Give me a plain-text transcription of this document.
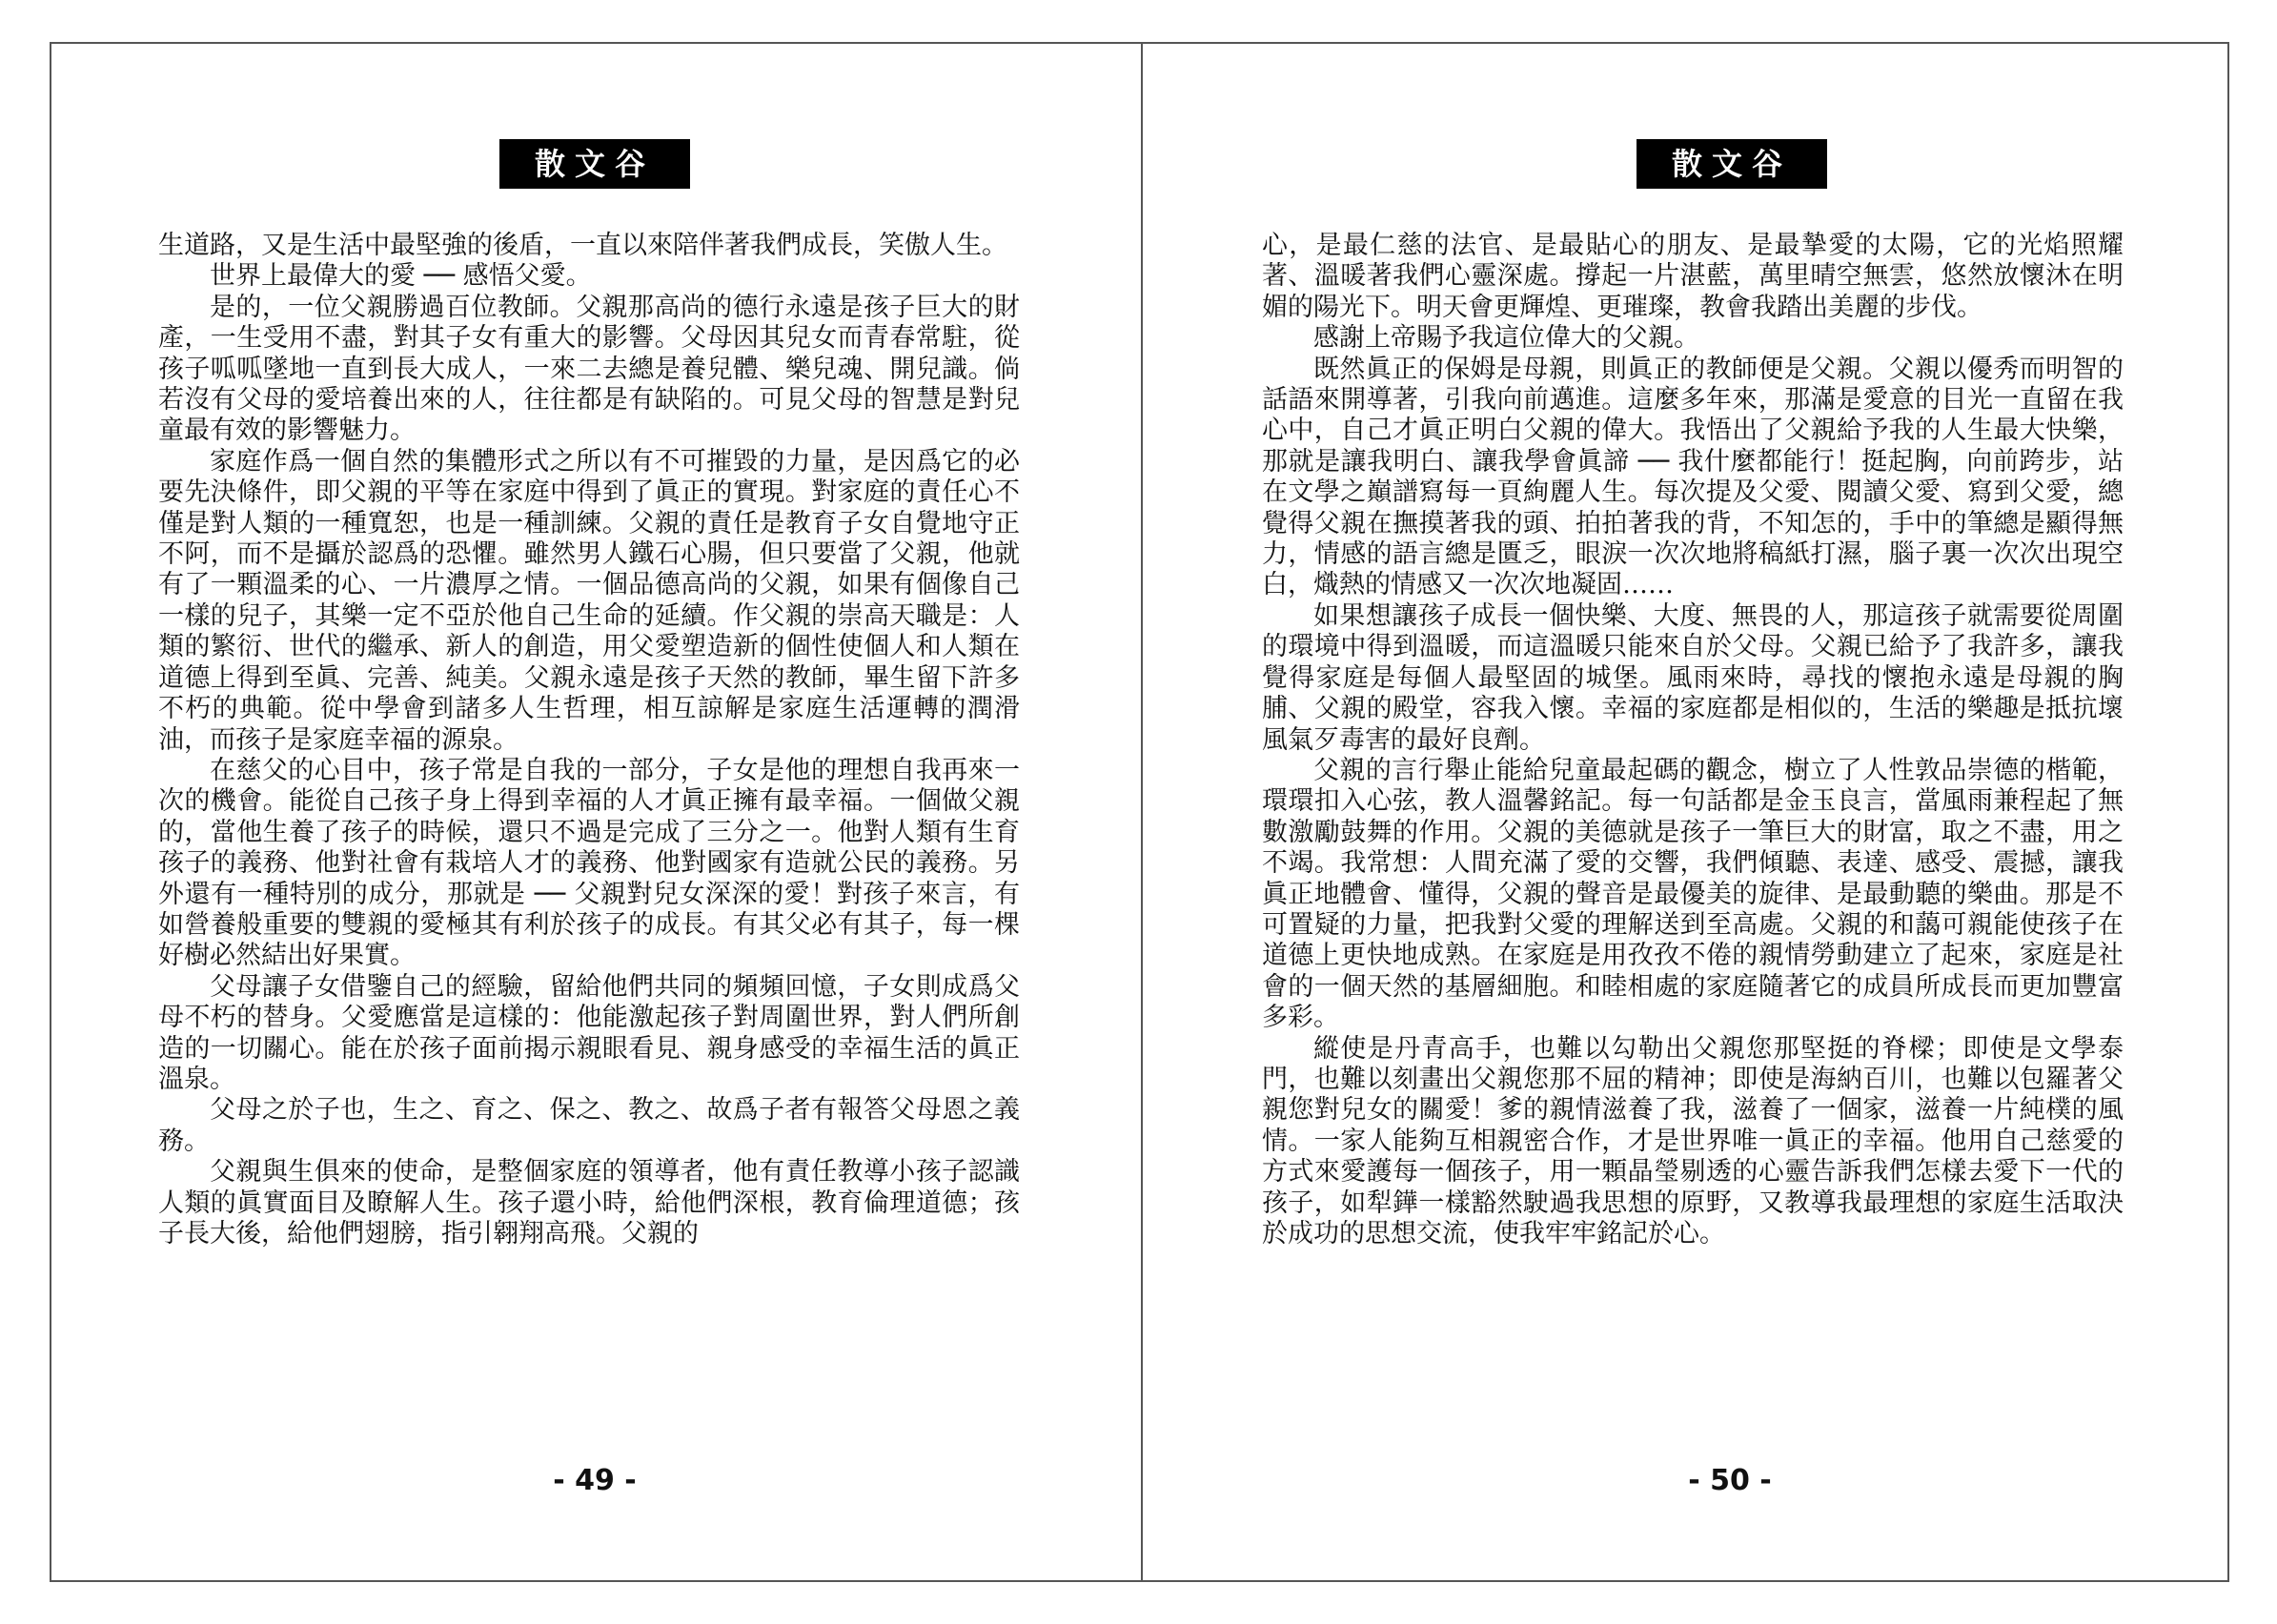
散文谷

生道路，又是生活中最堅強的後盾，一直以來陪伴著我們成長，笑傲人生。

世界上最偉大的愛 ── 感悟父愛。

是的，一位父親勝過百位教師。父親那高尚的德行永遠是孩子巨大的財產，一生受用不盡，對其子女有重大的影響。父母因其兒女而青春常駐，從孩子呱呱墜地一直到長大成人，一來二去總是養兒體、樂兒魂、開兒識。倘若沒有父母的愛培養出來的人，往往都是有缺陷的。可見父母的智慧是對兒童最有效的影響魅力。

家庭作爲一個自然的集體形式之所以有不可摧毀的力量，是因爲它的必要先決條件，即父親的平等在家庭中得到了眞正的實現。對家庭的責任心不僅是對人類的一種寬恕，也是一種訓練。父親的責任是教育子女自覺地守正不阿，而不是攝於認爲的恐懼。雖然男人鐵石心腸，但只要當了父親，他就有了一顆溫柔的心、一片濃厚之情。一個品德高尚的父親，如果有個像自己一樣的兒子，其樂一定不亞於他自己生命的延續。作父親的崇高天職是：人類的繁衍、世代的繼承、新人的創造，用父愛塑造新的個性使個人和人類在道德上得到至眞、完善、純美。父親永遠是孩子天然的教師，畢生留下許多不朽的典範。從中學會到諸多人生哲理，相互諒解是家庭生活運轉的潤滑油，而孩子是家庭幸福的源泉。

在慈父的心目中，孩子常是自我的一部分，子女是他的理想自我再來一次的機會。能從自己孩子身上得到幸福的人才眞正擁有最幸福。一個做父親的，當他生養了孩子的時候，還只不過是完成了三分之一。他對人類有生育孩子的義務、他對社會有栽培人才的義務、他對國家有造就公民的義務。另外還有一種特別的成分，那就是 ── 父親對兒女深深的愛！對孩子來言，有如營養般重要的雙親的愛極其有利於孩子的成長。有其父必有其子，每一棵好樹必然結出好果實。

父母讓子女借鑒自己的經驗，留給他們共同的頻頻回憶，子女則成爲父母不朽的替身。父愛應當是這樣的：他能激起孩子對周圍世界，對人們所創造的一切關心。能在於孩子面前揭示親眼看見、親身感受的幸福生活的眞正溫泉。

父母之於子也，生之、育之、保之、教之、故爲子者有報答父母恩之義務。

父親與生俱來的使命，是整個家庭的領導者，他有責任教導小孩子認識人類的眞實面目及瞭解人生。孩子還小時，給他們深根，教育倫理道德；孩子長大後，給他們翅膀，指引翱翔高飛。父親的

- 49 -
散文谷

心，是最仁慈的法官、是最貼心的朋友、是最摯愛的太陽，它的光焰照耀著、溫暖著我們心靈深處。撐起一片湛藍，萬里晴空無雲，悠然放懷沐在明媚的陽光下。明天會更輝煌、更璀璨，教會我踏出美麗的步伐。

感謝上帝賜予我這位偉大的父親。

既然眞正的保姆是母親，則眞正的教師便是父親。父親以優秀而明智的話語來開導著，引我向前邁進。這麼多年來，那滿是愛意的目光一直留在我心中，自己才眞正明白父親的偉大。我悟出了父親給予我的人生最大快樂，那就是讓我明白、讓我學會眞諦 ── 我什麼都能行！挺起胸，向前跨步，站在文學之巔譜寫每一頁絢麗人生。每次提及父愛、閱讀父愛、寫到父愛，總覺得父親在撫摸著我的頭、拍拍著我的背，不知怎的，手中的筆總是顯得無力，情感的語言總是匱乏，眼淚一次次地將稿紙打濕，腦子裏一次次出現空白，熾熱的情感又一次次地凝固……

如果想讓孩子成長一個快樂、大度、無畏的人，那這孩子就需要從周圍的環境中得到溫暖，而這溫暖只能來自於父母。父親已給予了我許多，讓我覺得家庭是每個人最堅固的城堡。風雨來時，尋找的懷抱永遠是母親的胸脯、父親的殿堂，容我入懷。幸福的家庭都是相似的，生活的樂趣是抵抗壞風氣歹毒害的最好良劑。

父親的言行舉止能給兒童最起碼的觀念，樹立了人性敦品崇德的楷範，環環扣入心弦，教人溫馨銘記。每一句話都是金玉良言，當風雨兼程起了無數激勵鼓舞的作用。父親的美德就是孩子一筆巨大的財富，取之不盡，用之不竭。我常想：人間充滿了愛的交響，我們傾聽、表達、感受、震撼，讓我眞正地體會、懂得，父親的聲音是最優美的旋律、是最動聽的樂曲。那是不可置疑的力量，把我對父愛的理解送到至高處。父親的和藹可親能使孩子在道德上更快地成熟。在家庭是用孜孜不倦的親情勞動建立了起來，家庭是社會的一個天然的基層細胞。和睦相處的家庭隨著它的成員所成長而更加豐富多彩。

縱使是丹青高手，也難以勾勒出父親您那堅挺的脊樑；即使是文學泰門，也難以刻畫出父親您那不屈的精神；即使是海納百川，也難以包羅著父親您對兒女的關愛！爹的親情滋養了我，滋養了一個家，滋養一片純樸的風情。一家人能夠互相親密合作，才是世界唯一眞正的幸福。他用自己慈愛的方式來愛護每一個孩子，用一顆晶瑩剔透的心靈告訴我們怎樣去愛下一代的孩子，如犁鏵一樣豁然駛過我思想的原野，又教導我最理想的家庭生活取決於成功的思想交流，使我牢牢銘記於心。

- 50 -
